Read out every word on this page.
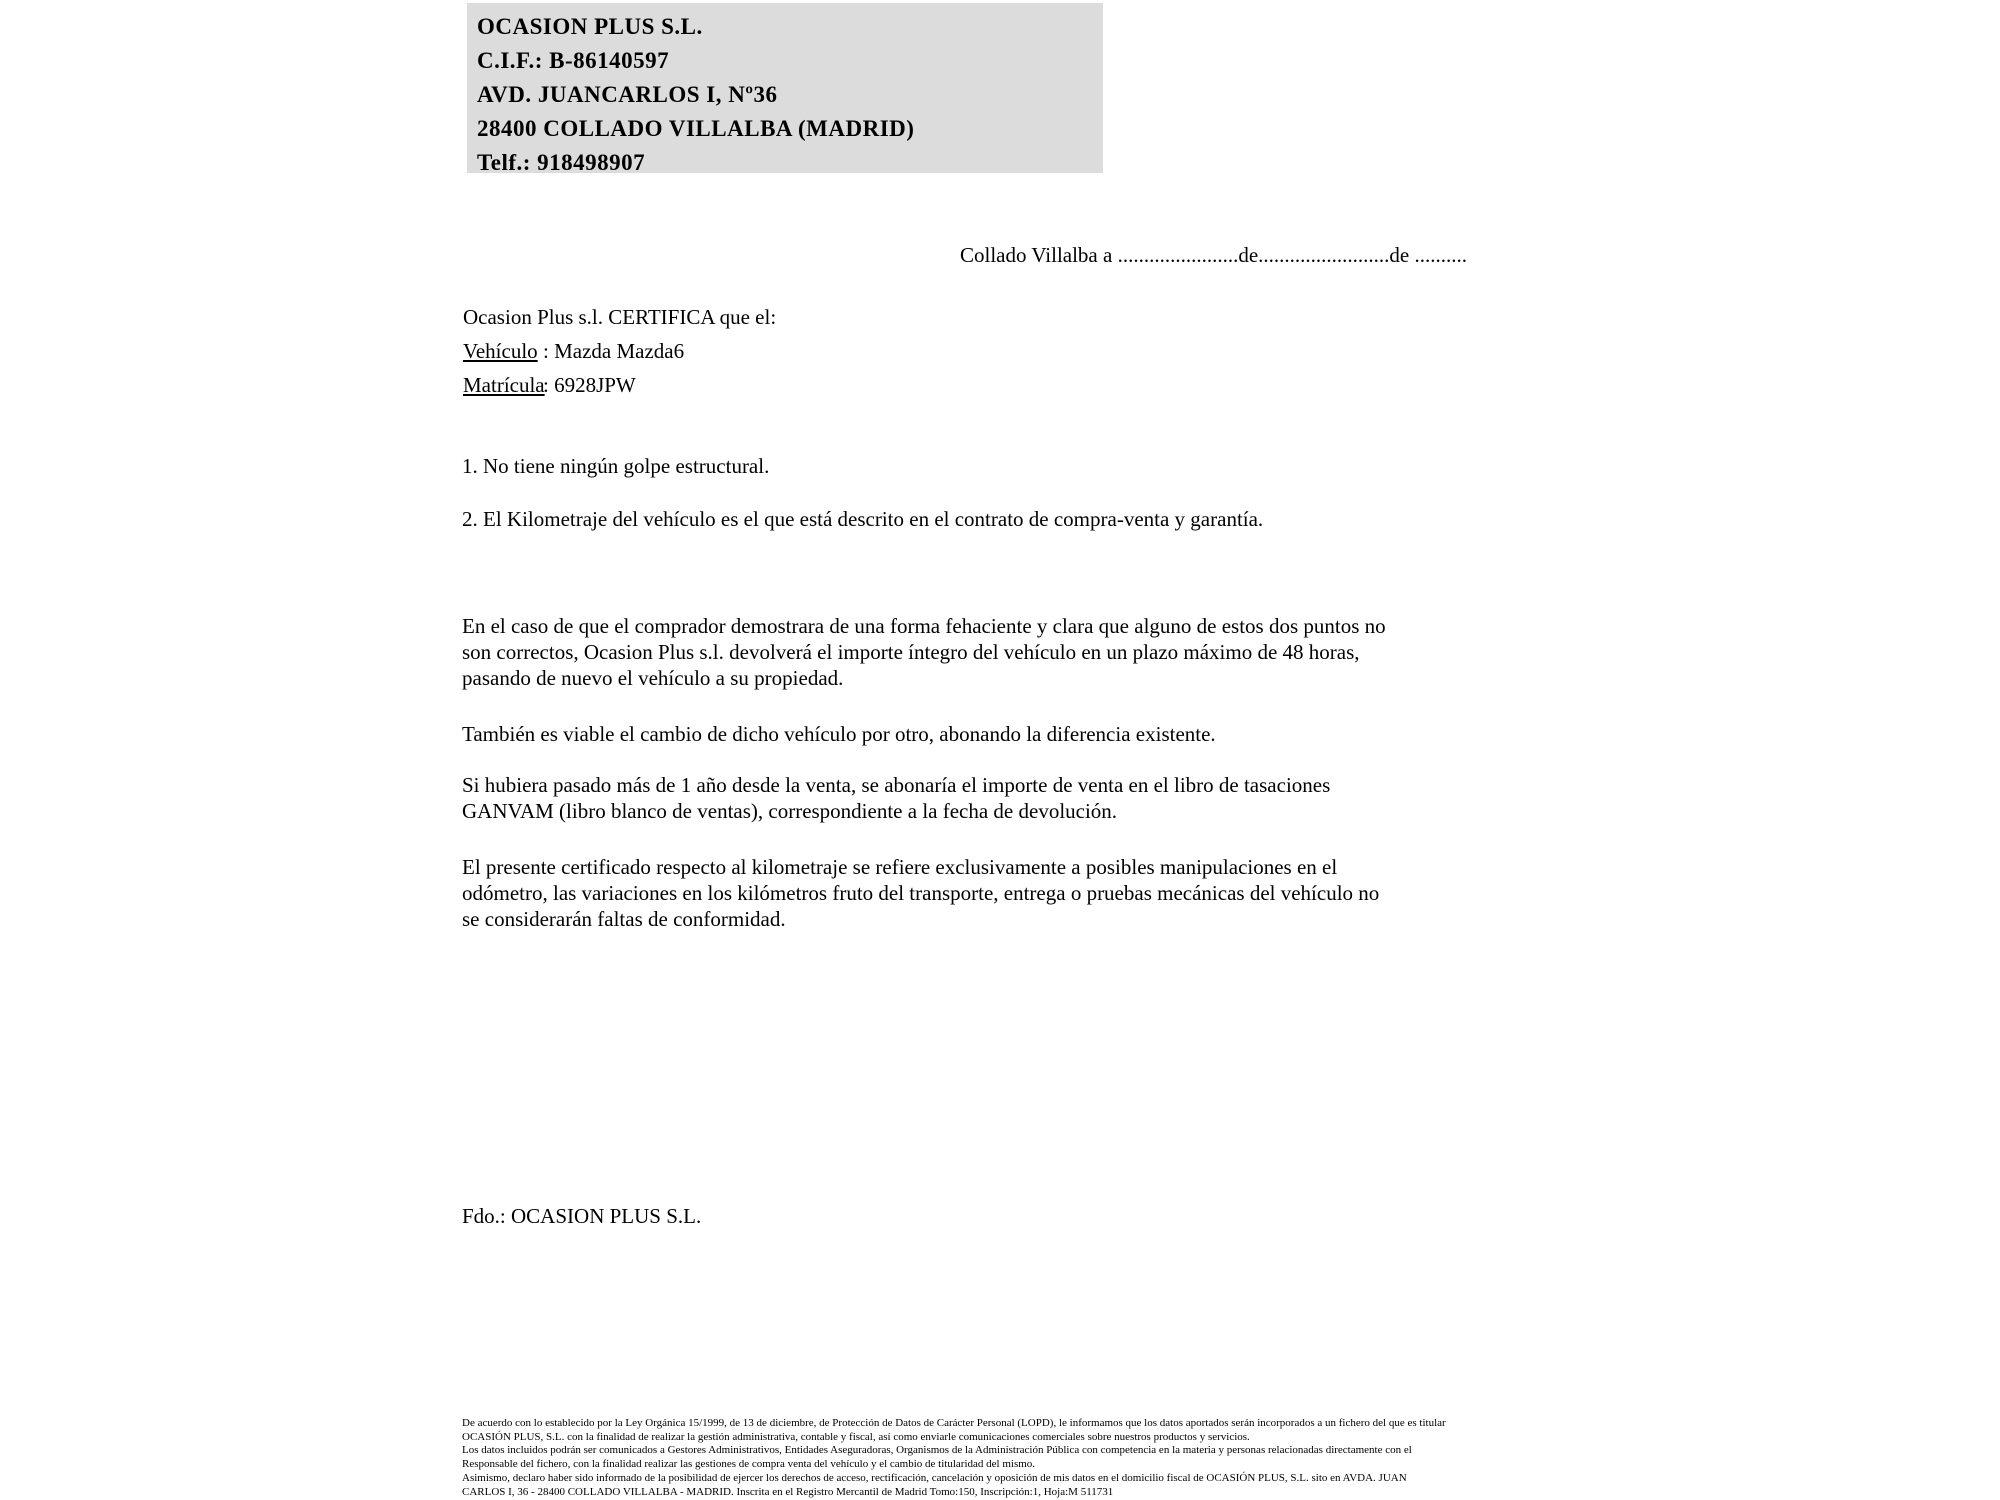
OCASION PLUS S.L.
C.I.F.: B-86140597
AVD. JUANCARLOS I, Nº36
28400 COLLADO VILLALBA (MADRID)
Telf.: 918498907
Collado Villalba a .......................de.........................de ..........
Ocasion Plus s.l. CERTIFICA que el:
Vehículo : Mazda Mazda6
Matrícula: 6928JPW
1. No tiene ningún golpe estructural.
2. El Kilometraje del vehículo es el que está descrito en el contrato de compra-venta y garantía.
En el caso de que el comprador demostrara de una forma fehaciente y clara que alguno de estos dos puntos no
son correctos, Ocasion Plus s.l. devolverá el importe íntegro del vehículo en un plazo máximo de 48 horas,
pasando de nuevo el vehículo a su propiedad.
También es viable el cambio de dicho vehículo por otro, abonando la diferencia existente.
Si hubiera pasado más de 1 año desde la venta, se abonaría el importe de venta en el libro de tasaciones
GANVAM (libro blanco de ventas), correspondiente a la fecha de devolución.
El presente certificado respecto al kilometraje se refiere exclusivamente a posibles manipulaciones en el
odómetro, las variaciones en los kilómetros fruto del transporte, entrega o pruebas mecánicas del vehículo no
se considerarán faltas de conformidad.
Fdo.: OCASION PLUS S.L.
De acuerdo con lo establecido por la Ley Orgánica 15/1999, de 13 de diciembre, de Protección de Datos de Carácter Personal (LOPD), le informamos que los datos aportados serán incorporados a un fichero del que es titular
OCASIÓN PLUS, S.L. con la finalidad de realizar la gestión administrativa, contable y fiscal, así como enviarle comunicaciones comerciales sobre nuestros productos y servicios.
Los datos incluidos podrán ser comunicados a Gestores Administrativos, Entidades Aseguradoras, Organismos de la Administración Pública con competencia en la materia y personas relacionadas directamente con el
Responsable del fichero, con la finalidad realizar las gestiones de compra venta del vehículo y el cambio de titularidad del mismo.
Asimismo, declaro haber sido informado de la posibilidad de ejercer los derechos de acceso, rectificación, cancelación y oposición de mis datos en el domicilio fiscal de OCASIÓN PLUS, S.L. sito en AVDA. JUAN
CARLOS I, 36 - 28400 COLLADO VILLALBA - MADRID. Inscrita en el Registro Mercantil de Madrid Tomo:150, Inscripción:1, Hoja:M 511731
